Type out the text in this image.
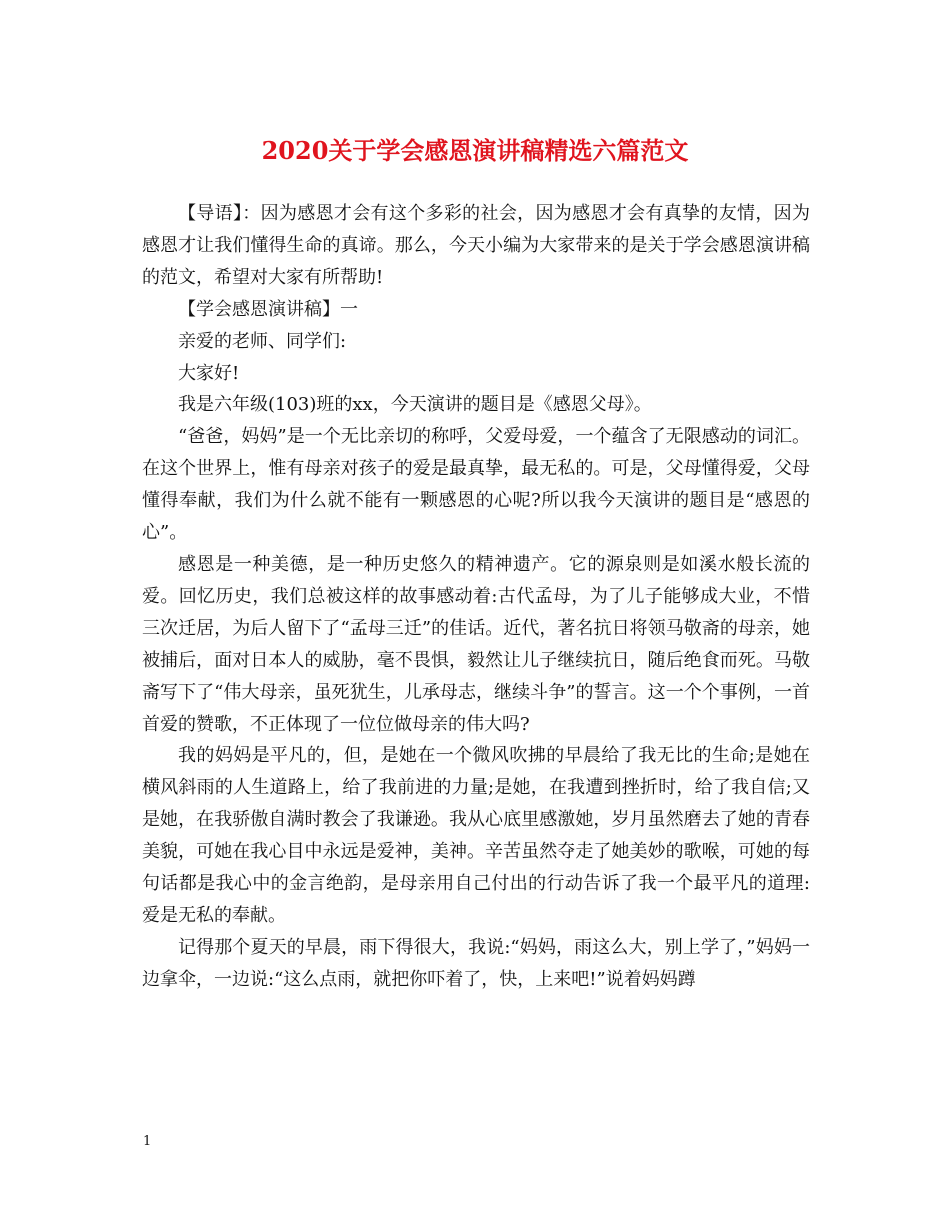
2020关于学会感恩演讲稿精选六篇范文

【导语】：因为感恩才会有这个多彩的社会，因为感恩才会有真挚的友情，因为感恩才让我们懂得生命的真谛。那么，今天小编为大家带来的是关于学会感恩演讲稿的范文，希望对大家有所帮助!

【学会感恩演讲稿】一

亲爱的老师、同学们:

大家好!

我是六年级(103)班的xx，今天演讲的题目是《感恩父母》。

“爸爸，妈妈”是一个无比亲切的称呼，父爱母爱，一个蕴含了无限感动的词汇。在这个世界上，惟有母亲对孩子的爱是最真挚，最无私的。可是，父母懂得爱，父母懂得奉献，我们为什么就不能有一颗感恩的心呢?所以我今天演讲的题目是“感恩的心”。

感恩是一种美德，是一种历史悠久的精神遗产。它的源泉则是如溪水般长流的爱。回忆历史，我们总被这样的故事感动着:古代孟母，为了儿子能够成大业，不惜三次迁居，为后人留下了“孟母三迁”的佳话。近代，著名抗日将领马敬斋的母亲，她被捕后，面对日本人的威胁，毫不畏惧，毅然让儿子继续抗日，随后绝食而死。马敬斋写下了“伟大母亲，虽死犹生，儿承母志，继续斗争”的誓言。这一个个事例，一首首爱的赞歌，不正体现了一位位做母亲的伟大吗?

我的妈妈是平凡的，但，是她在一个微风吹拂的早晨给了我无比的生命;是她在横风斜雨的人生道路上，给了我前进的力量;是她，在我遭到挫折时，给了我自信;又是她，在我骄傲自满时教会了我谦逊。我从心底里感激她，岁月虽然磨去了她的青春美貌，可她在我心目中永远是爱神，美神。辛苦虽然夺走了她美妙的歌喉，可她的每句话都是我心中的金言绝韵，是母亲用自己付出的行动告诉了我一个最平凡的道理:爱是无私的奉献。

记得那个夏天的早晨，雨下得很大，我说:“妈妈，雨这么大，别上学了，”妈妈一边拿伞，一边说:“这么点雨，就把你吓着了，快，上来吧!”说着妈妈蹲

1
